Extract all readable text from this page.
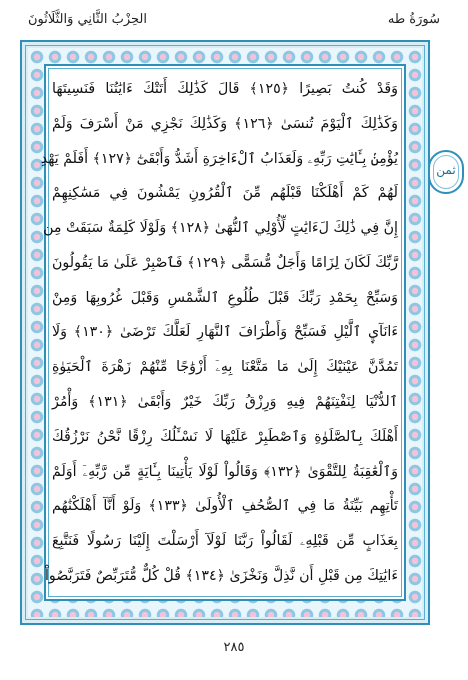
سُورَةُ طه
الحِزْبُ الثَّانِي وَالثَّلَاثُونَ
وَقَدْ كُنتُ بَصِيرًا ﴿١٢٥﴾ قَالَ كَذَٰلِكَ أَتَتْكَ ءَايَٰتُنَا فَنَسِيتَهَا
وَكَذَٰلِكَ ٱلْيَوْمَ تُنسَىٰ ﴿١٢٦﴾ وَكَذَٰلِكَ نَجْزِي مَنْ أَسْرَفَ وَلَمْ
يُؤْمِنۢ بِـَٔايَٰتِ رَبِّهِۦ وَلَعَذَابُ ٱلْءَاخِرَةِ أَشَدُّ وَأَبْقَىٰٓ ﴿١٢٧﴾ أَفَلَمْ يَهْدِ
لَهُمْ كَمْ أَهْلَكْنَا قَبْلَهُم مِّنَ ٱلْقُرُونِ يَمْشُونَ فِي مَسَٰكِنِهِمْ
إِنَّ فِي ذَٰلِكَ لَءَايَٰتٍ لِّأُوْلِي ٱلنُّهَىٰ ﴿١٢٨﴾ وَلَوْلَا كَلِمَةٌ سَبَقَتْ مِن
رَّبِّكَ لَكَانَ لِزَامًا وَأَجَلٌ مُّسَمًّى ﴿١٢٩﴾ فَٱصْبِرْ عَلَىٰ مَا يَقُولُونَ
وَسَبِّحْ بِحَمْدِ رَبِّكَ قَبْلَ طُلُوعِ ٱلشَّمْسِ وَقَبْلَ غُرُوبِهَا وَمِنْ
ءَانَآيِٕ ٱلَّيْلِ فَسَبِّحْ وَأَطْرَافَ ٱلنَّهَارِ لَعَلَّكَ تَرْضَىٰ ﴿١٣٠﴾ وَلَا
تَمُدَّنَّ عَيْنَيْكَ إِلَىٰ مَا مَتَّعْنَا بِهِۦٓ أَزْوَٰجًا مِّنْهُمْ زَهْرَةَ ٱلْحَيَوٰةِ
ٱلدُّنْيَا لِنَفْتِنَهُمْ فِيهِ وَرِزْقُ رَبِّكَ خَيْرٌ وَأَبْقَىٰ ﴿١٣١﴾ وَأْمُرْ
أَهْلَكَ بِٱلصَّلَوٰةِ وَٱصْطَبِرْ عَلَيْهَا لَا نَسْـَٔلُكَ رِزْقًا نَّحْنُ نَرْزُقُكَ
وَٱلْعَٰقِبَةُ لِلتَّقْوَىٰ ﴿١٣٢﴾ وَقَالُواْ لَوْلَا يَأْتِينَا بِـَٔايَةٍ مِّن رَّبِّهِۦٓ أَوَلَمْ
تَأْتِهِم بَيِّنَةُ مَا فِي ٱلصُّحُفِ ٱلْأُولَىٰ ﴿١٣٣﴾ وَلَوْ أَنَّآ أَهْلَكْنَٰهُم
بِعَذَابٍ مِّن قَبْلِهِۦ لَقَالُواْ رَبَّنَا لَوْلَآ أَرْسَلْتَ إِلَيْنَا رَسُولًا فَنَتَّبِعَ
ءَايَٰتِكَ مِن قَبْلِ أَن نَّذِلَّ وَنَخْزَىٰ ﴿١٣٤﴾ قُلْ كُلٌّ مُّتَرَبِّصٌ فَتَرَبَّصُواْ
ثمن
٢٨٥
